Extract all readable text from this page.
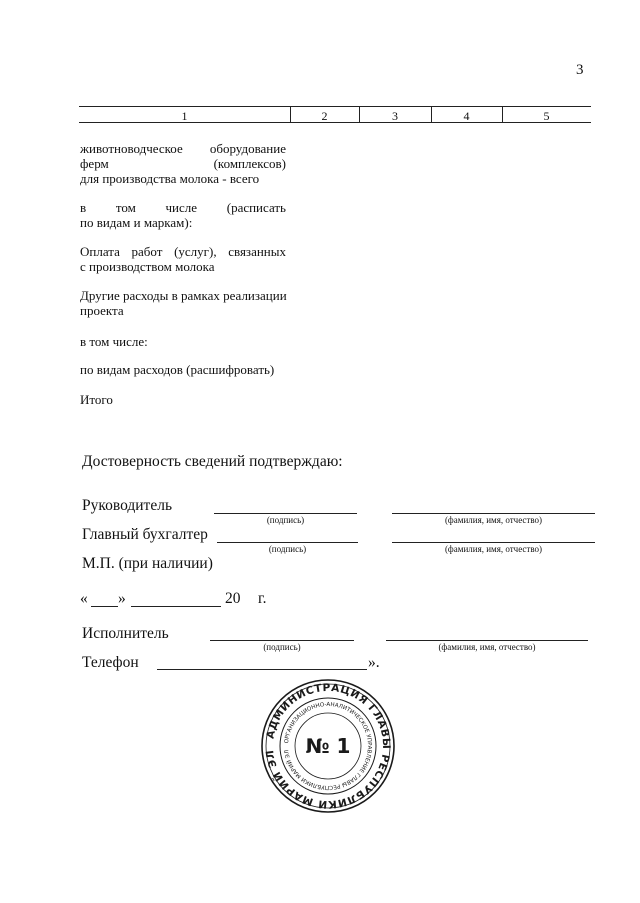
3
1	2	3	4	5
животноводческое оборудование
ферм	(комплексов)
для производства молока - всего
в том числе (расписать
по видам и маркам):
Оплата работ (услуг), связанных
с производством молока
Другие расходы в рамках реализации
проекта
в том числе:
по видам расходов (расшифровать)
Итого
Достоверность сведений подтверждаю:
Руководитель
(подпись)	(фамилия, имя, отчество)
Главный бухгалтер
(подпись)	(фамилия, имя, отчество)
М.П. (при наличии)
« »	20 г.
Исполнитель
(подпись)	(фамилия, имя, отчество)
Телефон	».
АДМИНИСТРАЦИЯ ГЛАВЫ РЕСПУБЛИКИ МАРИЙ ЭЛ
ОРГАНИЗАЦИОННО-АНАЛИТИЧЕСКОЕ УПРАВЛЕНИЕ ГЛАВЫ РЕСПУБЛИКИ МАРИЙ ЭЛ № 1
